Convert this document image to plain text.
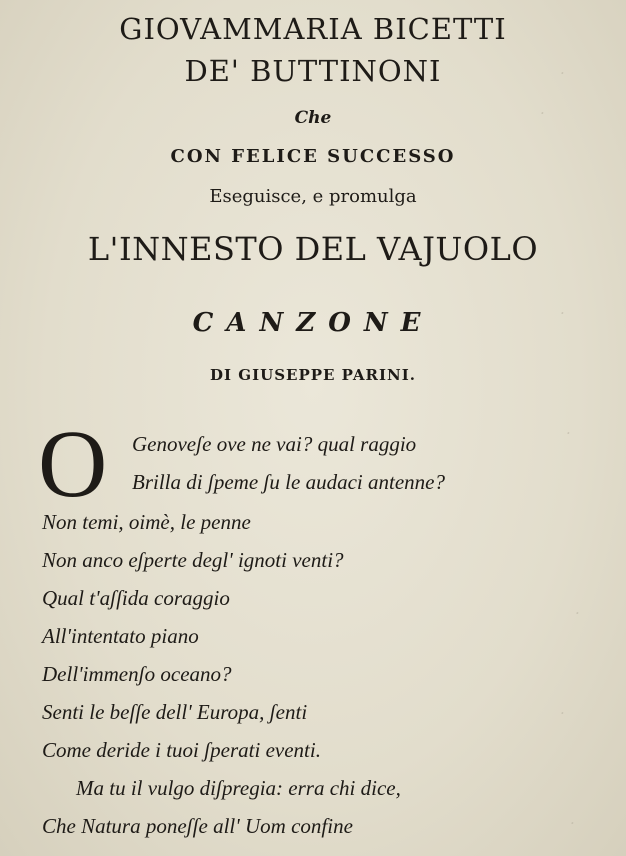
.
.
.
.
.
.
.
GIOVAMMARIA BICETTI
DE' BUTTINONI
Che
CON FELICE SUCCESSO
Eseguisce, e promulga
L'INNESTO DEL VAJUOLO
CANZONE
DI GIUSEPPE PARINI.
O Genoveʃe ove ne vai? qual raggio
Brilla di ʃpeme ʃu le audaci antenne?
Non temi, oimè, le penne
Non anco eʃperte degl' ignoti venti?
Qual t'aʃſida coraggio
All'intentato piano
Dell'immenʃo oceano?
Senti le beſſe dell' Europa, ʃenti
Come deride i tuoi ʃperati eventi.
Ma tu il vulgo diʃpregia: erra chi dice,
Che Natura poneʃſe all' Uom confine
